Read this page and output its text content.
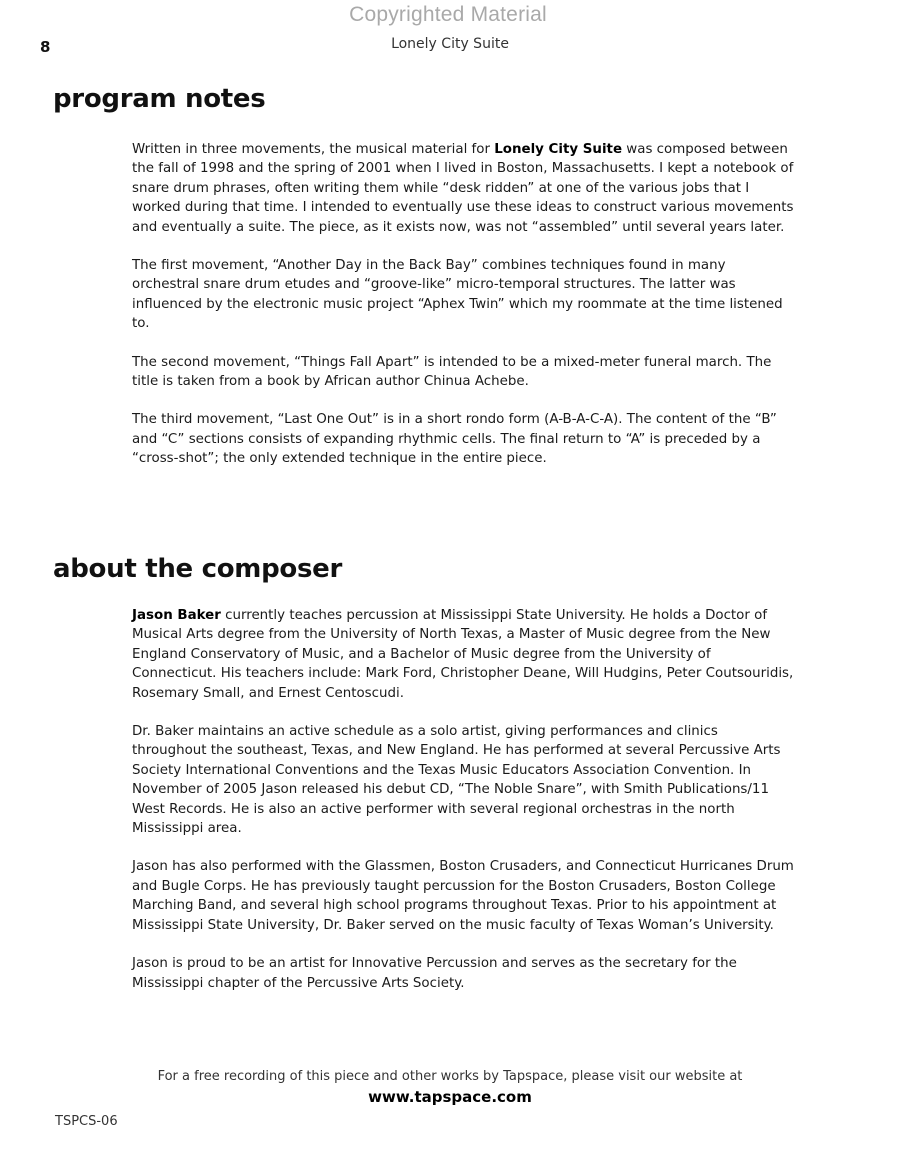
Copyrighted Material
8	Lonely City Suite
program notes

Written in three movements, the musical material for Lonely City Suite was composed between the fall of 1998 and the spring of 2001 when I lived in Boston, Massachusetts. I kept a notebook of snare drum phrases, often writing them while “desk ridden” at one of the various jobs that I worked during that time. I intended to eventually use these ideas to construct various movements and eventually a suite. The piece, as it exists now, was not “assembled” until several years later.

The first movement, “Another Day in the Back Bay” combines techniques found in many orchestral snare drum etudes and “groove-like” micro-temporal structures. The latter was influenced by the electronic music project “Aphex Twin” which my roommate at the time listened to.

The second movement, “Things Fall Apart” is intended to be a mixed-meter funeral march. The title is taken from a book by African author Chinua Achebe.

The third movement, “Last One Out” is in a short rondo form (A-B-A-C-A). The content of the “B” and “C” sections consists of expanding rhythmic cells. The final return to “A” is preceded by a “cross-shot”; the only extended technique in the entire piece.

about the composer

Jason Baker currently teaches percussion at Mississippi State University. He holds a Doctor of Musical Arts degree from the University of North Texas, a Master of Music degree from the New England Conservatory of Music, and a Bachelor of Music degree from the University of Connecticut. His teachers include: Mark Ford, Christopher Deane, Will Hudgins, Peter Coutsouridis, Rosemary Small, and Ernest Centoscudi.

Dr. Baker maintains an active schedule as a solo artist, giving performances and clinics throughout the southeast, Texas, and New England. He has performed at several Percussive Arts Society International Conventions and the Texas Music Educators Association Convention. In November of 2005 Jason released his debut CD, “The Noble Snare”, with Smith Publications/11 West Records. He is also an active performer with several regional orchestras in the north Mississippi area.

Jason has also performed with the Glassmen, Boston Crusaders, and Connecticut Hurricanes Drum and Bugle Corps. He has previously taught percussion for the Boston Crusaders, Boston College Marching Band, and several high school programs throughout Texas. Prior to his appointment at Mississippi State University, Dr. Baker served on the music faculty of Texas Woman’s University.

Jason is proud to be an artist for Innovative Percussion and serves as the secretary for the Mississippi chapter of the Percussive Arts Society.

For a free recording of this piece and other works by Tapspace, please visit our website at
www.tapspace.com
TSPCS-06
